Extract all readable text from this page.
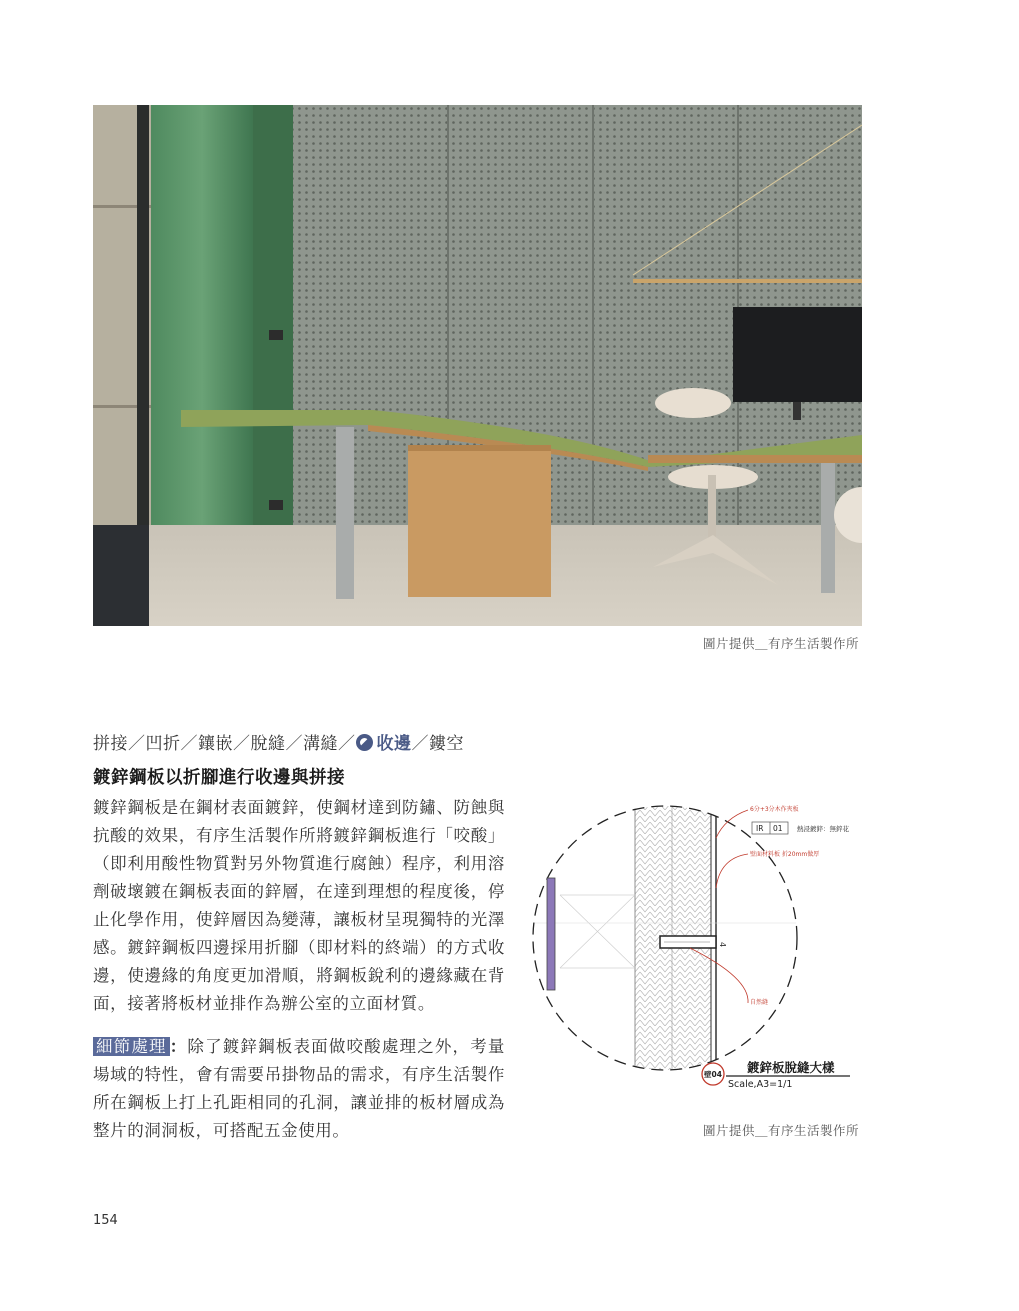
圖片提供＿有序生活製作所
拼接／凹折／鑲嵌／脫縫／溝縫／ 收邊／鏤空
鍍鋅鋼板以折腳進行收邊與拼接
鍍鋅鋼板是在鋼材表面鍍鋅，使鋼材達到防鏽、防蝕與抗酸的效果，有序生活製作所將鍍鋅鋼板進行「咬酸」（即利用酸性物質對另外物質進行腐蝕）程序，利用溶劑破壞鍍在鋼板表面的鋅層，在達到理想的程度後，停止化學作用，使鋅層因為變薄，讓板材呈現獨特的光澤感。鍍鋅鋼板四邊採用折腳（即材料的終端）的方式收邊，使邊緣的角度更加滑順，將鋼板銳利的邊緣藏在背面，接著將板材並排作為辦公室的立面材質。
細節處理 ：除了鍍鋅鋼板表面做咬酸處理之外，考量場域的特性，會有需要吊掛物品的需求，有序生活製作所在鋼板上打上孔距相同的孔洞，讓並排的板材層成為整片的洞洞板，可搭配五金使用。
4
6分+3分木作夾板
IR 01 熱浸鍍鋅：無鋅花
壁面材料板 折20mm做厚
自然縫
壁04 鍍鋅板脫縫大樣
Scale,A3=1/1
圖片提供＿有序生活製作所
154
